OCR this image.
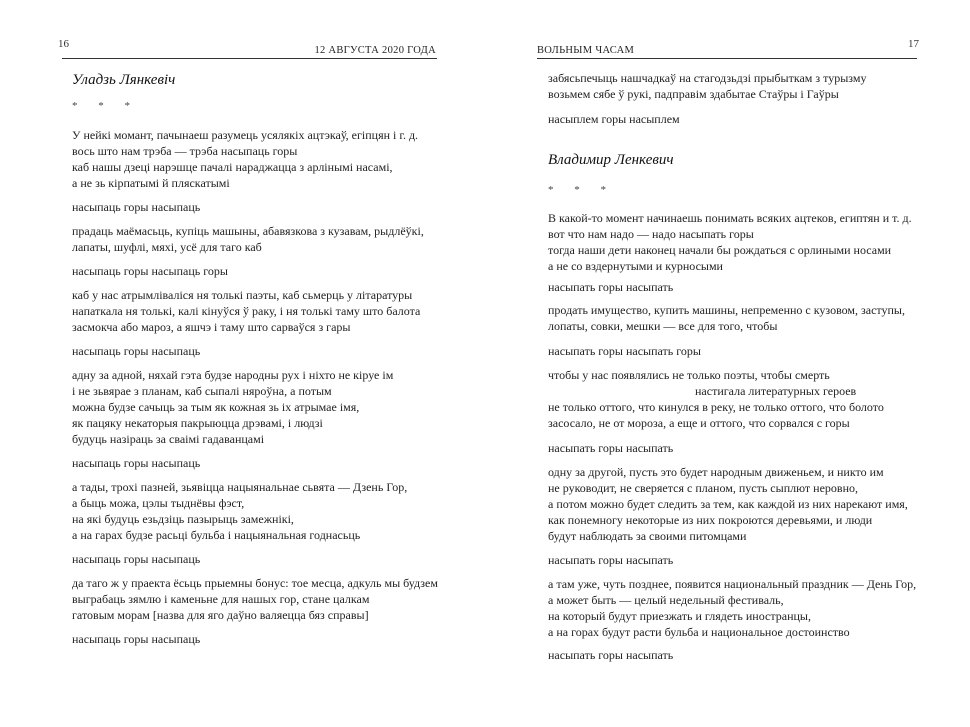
16
12 АВГУСТА 2020 ГОДА
Уладзь Лянкевіч
* * *
У нейкі момант, пачынаеш разумець усялякіх ацтэкаў, егіпцян і г. д.
вось што нам трэба — трэба насыпаць горы
каб нашы дзеці нарэшце пачалі нараджацца з арлінымі насамі,
а не зь кірпатымі й пляскатымі
насыпаць горы насыпаць
прадаць маёмасьць, купіць машыны, абавязкова з кузавам, рыдлёўкі,
лапаты, шуфлі, мяхі, усё для таго каб
насыпаць горы насыпаць горы
каб у нас атрымліваліся ня толькі паэты, каб сьмерць у літаратуры
напаткала ня толькі, калі кінуўся ў раку, і ня толькі таму што балота
засмокча або мароз, а яшчэ і таму што сарваўся з гары
насыпаць горы насыпаць
адну за адной, няхай гэта будзе народны рух і ніхто не кіруе ім
і не зьвярае з планам, каб сыпалі няроўна, а потым
можна будзе сачыць за тым як кожная зь іх атрымае імя,
як пацяку некаторыя пакрыюцца дрэвамі, і людзі
будуць назіраць за сваімі гадаванцамі
насыпаць горы насыпаць
а тады, трохі пазней, зьявіцца нацыянальнае сьвята — Дзень Гор,
а быць можа, цэлы тыднёвы фэст,
на які будуць езьдзіць пазырыць замежнікі,
а на гарах будзе расьці бульба і нацыянальная годнасьць
насыпаць горы насыпаць
да таго ж у праекта ёсьць прыемны бонус: тое месца, адкуль мы будзем
выграбаць зямлю і каменьне для нашых гор, стане цалкам
гатовым морам [назва для яго даўно валяецца бяз справы]
насыпаць горы насыпаць
17
ВОЛЬНЫМ ЧАСАМ
забясьпечыць нашчадкаў на стагодзьдзі прыбыткам з турызму
возьмем сябе ў рукі, падправім здабытае Стаўры і Гаўры
насыплем горы насыплем
Владимир Ленкевич
* * *
В какой-то момент начинаешь понимать всяких ацтеков, египтян и т. д.
вот что нам надо — надо насыпать горы
тогда наши дети наконец начали бы рождаться с орлиными носами
а не со вздернутыми и курносыми
насыпать горы насыпать
продать имущество, купить машины, непременно с кузовом, заступы,
лопаты, совки, мешки — все для того, чтобы
насыпать горы насыпать горы
чтобы у нас появлялись не только поэты, чтобы смерть
настигала литературных героев
не только оттого, что кинулся в реку, не только оттого, что болото
засосало, не от мороза, а еще и оттого, что сорвался с горы
насыпать горы насыпать
одну за другой, пусть это будет народным движеньем, и никто им
не руководит, не сверяется с планом, пусть сыплют неровно,
а потом можно будет следить за тем, как каждой из них нарекают имя,
как понемногу некоторые из них покроются деревьями, и люди
будут наблюдать за своими питомцами
насыпать горы насыпать
а там уже, чуть позднее, появится национальный праздник — День Гор,
а может быть — целый недельный фестиваль,
на который будут приезжать и глядеть иностранцы,
а на горах будут расти бульба и национальное достоинство
насыпать горы насыпать
